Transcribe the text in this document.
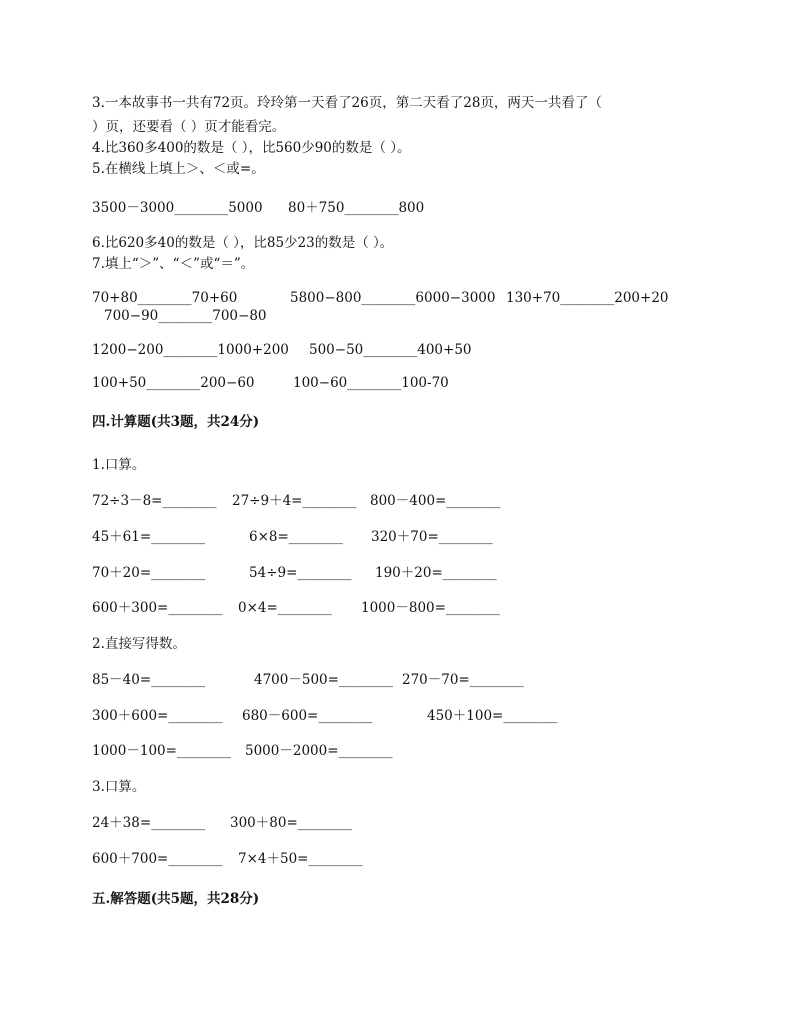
3.一本故事书一共有72页。玲玲第一天看了26页，第二天看了28页，两天一共看了（
）页，还要看（ ）页才能看完。
4.比360多400的数是（ ），比560少90的数是（ ）。
5.在横线上填上＞、＜或=。
3500－3000________5000 80＋750________800
6.比620多40的数是（ ），比85少23的数是（ ）。
7.填上“＞”、“＜”或“＝”。
70+80________70+60	5800−800________6000−3000 130+70________200+20
700−90________700−80
1200−200________1000+200 500−50________400+50
100+50________200−60	100−60________100-70
四.计算题(共3题，共24分)
1.口算。
72÷3－8=________ 27÷9＋4=________ 800－400=________
45＋61=________	6×8=________ 320＋70=________
70＋20=________	54÷9=________ 190＋20=________
600＋300=________ 0×4=________ 1000－800=________
2.直接写得数。
85－40=________	4700－500=________ 270－70=________
300＋600=________ 680－600=________	450＋100=________
1000－100=________ 5000－2000=________
3.口算。
24＋38=________ 300＋80=________
600＋700=________ 7×4＋50=________
五.解答题(共5题，共28分)
